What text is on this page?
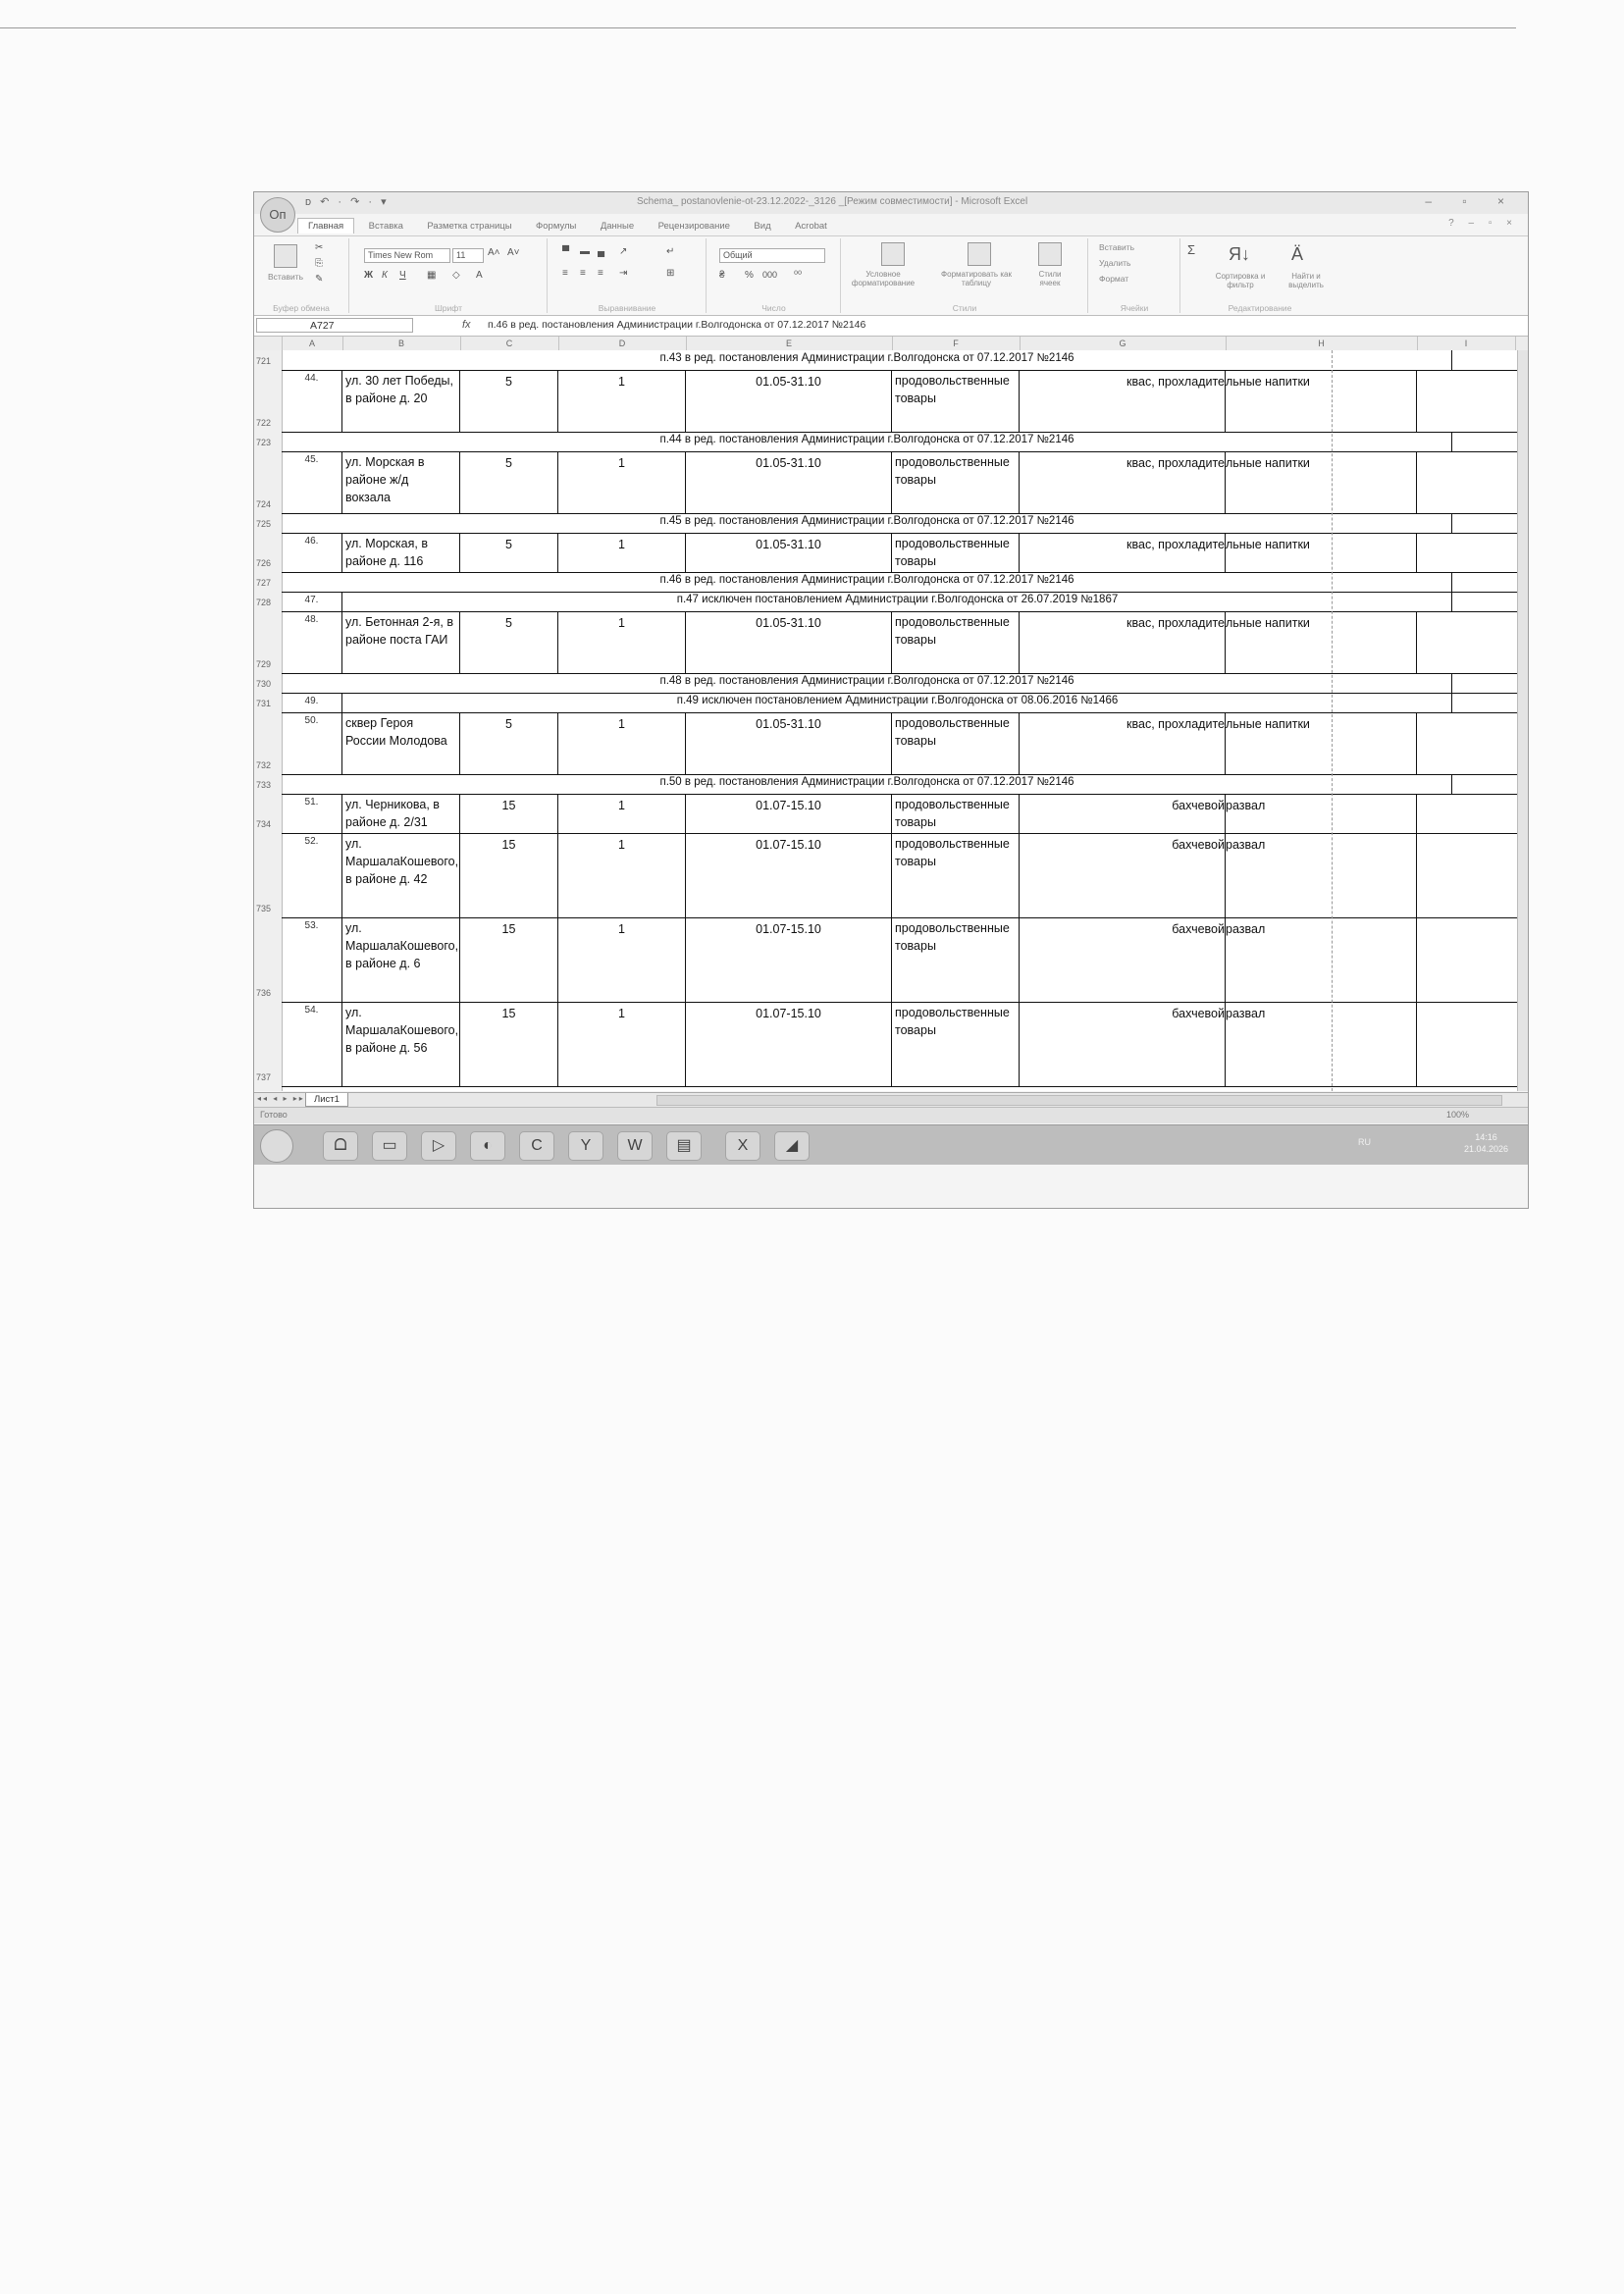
ᴅ ↶ · ↷ · ▾	Schema_ postanovlenie-ot-23.12.2022-_3126 _[Режим совместимости] - Microsoft Excel	– ▫ ×
Оп
Главная	Вставка	Разметка страницы	Формулы	Данные	Рецензирование	Вид	Acrobat	? – ▫ ×
Вставить
✂
⎘
✎
Буфер обмена
Times New Rom	11	A˄ A˅
Ж К Ч ▦ ◇ A
Шрифт
▀ ▬ ▄ ↗	↵
≡ ≡ ≡ ⇥	⊞
Выравнивание
Общий
₴ % 000 ⁰⁰
Число
Условное форматирование
Форматировать как таблицу
Стили ячеек
Стили
Вставить
Удалить
Формат
Ячейки
Σ Я↓
Сортировка и фильтр
Ä
Найти и выделить
Редактирование
A727	fx п.46 в ред. постановления Администрации г.Волгодонска от 07.12.2017 №2146
A	B	C	D	E	F	G	H	I
721	п.43 в ред. постановления Администрации г.Волгодонска от 07.12.2017 №2146
722
44.	ул. 30 лет Победы, в районе д. 20
5	1	01.05-31.10	продовольственные товары
квас, прохладите льные напитки
723	п.44 в ред. постановления Администрации г.Волгодонска от 07.12.2017 №2146
724
45.	ул. Морская в районе ж/д вокзала
5	1	01.05-31.10	продовольственные товары
квас, прохладите льные напитки
725	п.45 в ред. постановления Администрации г.Волгодонска от 07.12.2017 №2146
726
46.	ул. Морская, в районе д. 116
5	1	01.05-31.10	продовольственные товары
квас, прохладите льные напитки
727	п.46 в ред. постановления Администрации г.Волгодонска от 07.12.2017 №2146
728	47.	п.47 исключен постановлением Администрации г.Волгодонска от 26.07.2019 №1867
729
48.	ул. Бетонная 2-я, в районе поста ГАИ
5	1	01.05-31.10	продовольственные товары
квас, прохладите льные напитки
730	п.48 в ред. постановления Администрации г.Волгодонска от 07.12.2017 №2146
731	49.	п.49 исключен постановлением Администрации г.Волгодонска от 08.06.2016 №1466
732
50.	сквер Героя России Молодова
5	1	01.05-31.10	продовольственные товары
квас, прохладите льные напитки
733	п.50 в ред. постановления Администрации г.Волгодонска от 07.12.2017 №2146
734
51.	ул. Черникова, в районе д. 2/31
15	1	01.07-15.10	продовольственные товары
бахчевой развал
735
52.	ул. МаршалаКошевого, в районе д. 42
15	1	01.07-15.10	продовольственные товары
бахчевой развал
736
53.	ул. МаршалаКошевого, в районе д. 6
15	1	01.07-15.10	продовольственные товары
бахчевой развал
737
54.	ул. МаршалаКошевого, в районе д. 56
15	1	01.07-15.10	продовольственные товары
бахчевой развал
◂◂ ◂ ▸ ▸▸ Лист1
Готово	100%
ᗝ	▭	▷	◐	C	Y	W	▤	X	◢	RU	14:16
21.04.2026
